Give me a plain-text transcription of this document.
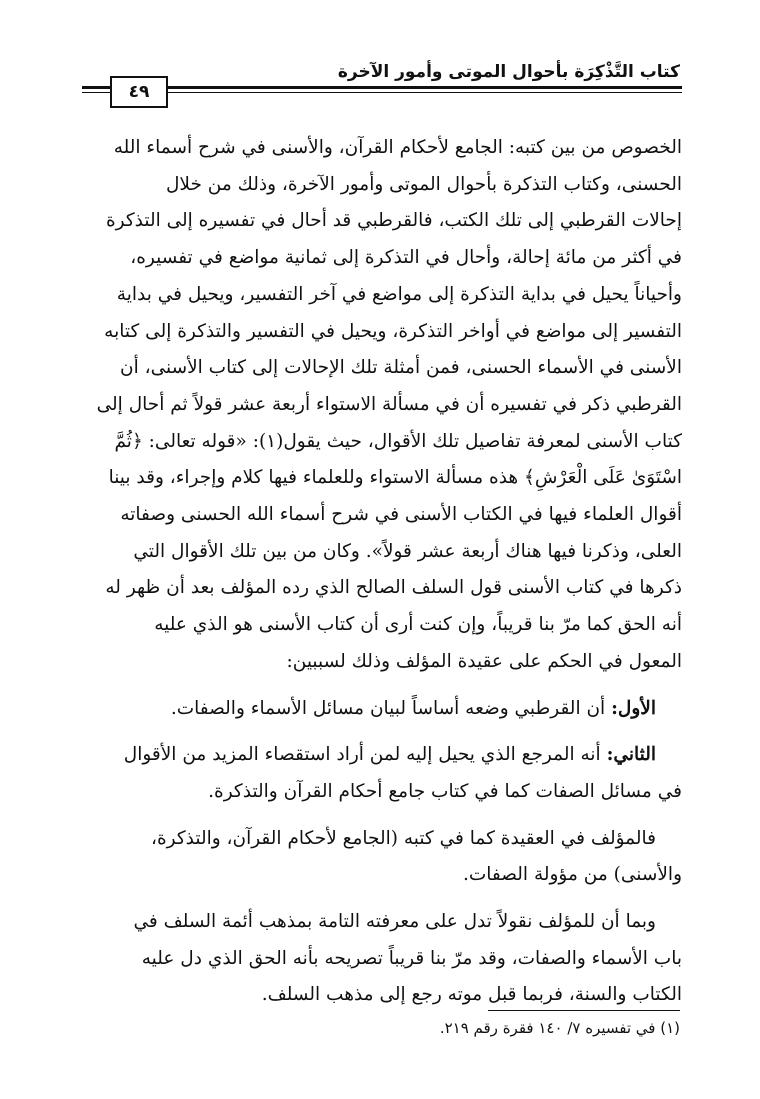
كتاب التَّذْكِرَة بأحوال الموتى وأمور الآخرة
٤٩
الخصوص من بين كتبه: الجامع لأحكام القرآن، والأسنى في شرح أسماء الله
الحسنى، وكتاب التذكرة بأحوال الموتى وأمور الآخرة، وذلك من خلال
إحالات القرطبي إلى تلك الكتب، فالقرطبي قد أحال في تفسيره إلى التذكرة
في أكثر من مائة إحالة، وأحال في التذكرة إلى ثمانية مواضع في تفسيره،
وأحياناً يحيل في بداية التذكرة إلى مواضع في آخر التفسير، ويحيل في بداية
التفسير إلى مواضع في أواخر التذكرة، ويحيل في التفسير والتذكرة إلى كتابه
الأسنى في الأسماء الحسنى، فمن أمثلة تلك الإحالات إلى كتاب الأسنى، أن
القرطبي ذكر في تفسيره أن في مسألة الاستواء أربعة عشر قولاً ثم أحال إلى
كتاب الأسنى لمعرفة تفاصيل تلك الأقوال، حيث يقول(١): «قوله تعالى: ﴿ثُمَّ
اسْتَوَىٰ عَلَى الْعَرْشِ﴾ هذه مسألة الاستواء وللعلماء فيها كلام وإجراء، وقد بينا
أقوال العلماء فيها في الكتاب الأسنى في شرح أسماء الله الحسنى وصفاته
العلى، وذكرنا فيها هناك أربعة عشر قولاً». وكان من بين تلك الأقوال التي
ذكرها في كتاب الأسنى قول السلف الصالح الذي رده المؤلف بعد أن ظهر له
أنه الحق كما مرّ بنا قريباً، وإن كنت أرى أن كتاب الأسنى هو الذي عليه
المعول في الحكم على عقيدة المؤلف وذلك لسببين:
الأول: أن القرطبي وضعه أساساً لبيان مسائل الأسماء والصفات.
الثاني: أنه المرجع الذي يحيل إليه لمن أراد استقصاء المزيد من الأقوال
في مسائل الصفات كما في كتاب جامع أحكام القرآن والتذكرة.
فالمؤلف في العقيدة كما في كتبه (الجامع لأحكام القرآن، والتذكرة،
والأسنى) من مؤولة الصفات.
وبما أن للمؤلف نقولاً تدل على معرفته التامة بمذهب أئمة السلف في
باب الأسماء والصفات، وقد مرّ بنا قريباً تصريحه بأنه الحق الذي دل عليه
الكتاب والسنة، فربما قبل موته رجع إلى مذهب السلف.
(١) في تفسيره ٧/ ١٤٠ فقرة رقم ٢١٩.
